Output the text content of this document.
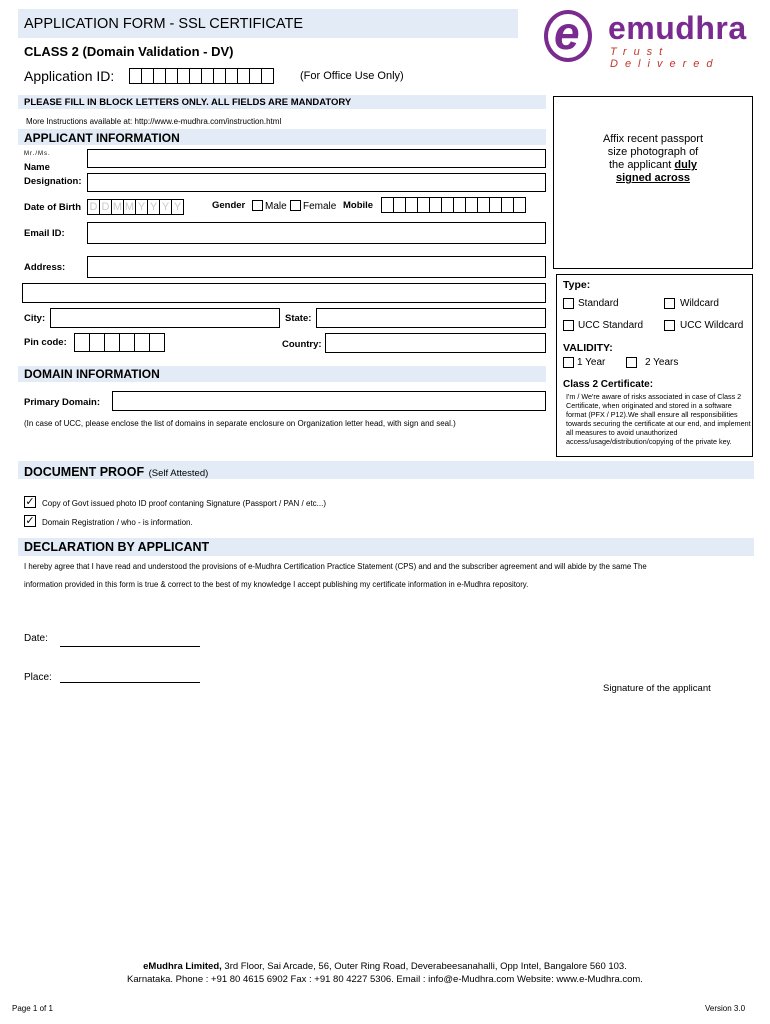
APPLICATION FORM - SSL CERTIFICATE
CLASS 2 (Domain Validation - DV)
Application ID:	(For Office Use Only)
e emudhra
Trust Delivered
PLEASE FILL IN BLOCK LETTERS ONLY. ALL FIELDS ARE MANDATORY
More Instructions available at: http://www.e-mudhra.com/instruction.html
APPLICANT INFORMATION
Mr./Ms.
Name
Designation:
Date of Birth D D M M Y Y Y Y	Gender Male Female Mobile
Email ID:
Address:
City:	State:
Pin code:	Country:
Affix recent passport
size photograph of
the applicant duly
signed across
Type:
Standard	Wildcard
UCC Standard	UCC Wildcard
VALIDITY:
1 Year	2 Years
Class 2 Certificate:
I'm / We're aware of risks associated in case of Class 2 Certificate, when originated and stored in a software format (PFX / P12).We shall ensure all responsibilities towards securing the certificate at our end, and implement all measures to avoid unauthorized access/usage/distribution/copying of the private key.
DOMAIN INFORMATION
Primary Domain:
(In case of UCC, please enclose the list of domains in separate enclosure on Organization letter head, with sign and seal.)
DOCUMENT PROOF (Self Attested)
✓ Copy of Govt issued photo ID proof contaning Signature (Passport / PAN / etc...)
✓ Domain Registration / who - is information.
DECLARATION BY APPLICANT
I hereby agree that I have read and understood the provisions of e-Mudhra Certification Practice Statement (CPS) and and the subscriber agreement and will abide by the same The
information provided in this form is true & correct to the best of my knowledge I accept publishing my certificate information in e-Mudhra repository.
Date:
Place:
Signature of the applicant
eMudhra Limited, 3rd Floor, Sai Arcade, 56, Outer Ring Road, Deverabeesanahalli, Opp Intel, Bangalore 560 103.
Karnataka. Phone : +91 80 4615 6902 Fax : +91 80 4227 5306. Email : info@e-Mudhra.com Website: www.e-Mudhra.com.
Page 1 of 1	Version 3.0
